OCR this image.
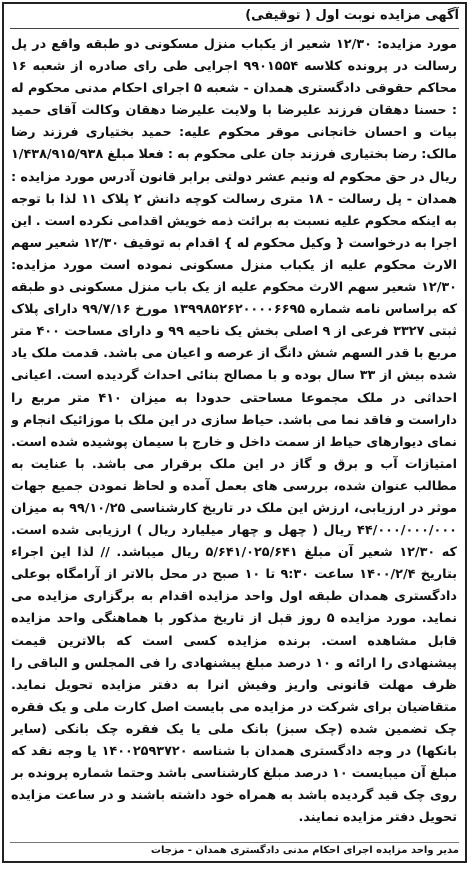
آگهی مزایده نوبت اول ( توقیفی)
مورد مزایده: ۱۲/۳۰ شعیر از یکباب منزل مسکونی دو طبقه واقع در پل رسالت در پرونده کلاسه ۹۹۰۱۵۵۴ اجرایی طی رای صادره از شعبه ۱۶ محاکم حقوقی دادگستری همدان - شعبه ۵ اجرای احکام مدنی محکوم له : حسنا دهقان فرزند علیرضا با ولایت علیرضا دهقان وکالت آقای حمید بیات و احسان خانجانی موقر محکوم علیه: حمید بختیاری فرزند رضا مالک: رضا بختیاری فرزند جان علی محکوم به : فعلا مبلغ ۱/۴۳۸/۹۱۵/۹۳۸ ریال در حق محکوم له ونیم عشر دولتی برابر قانون آدرس مورد مزایده : همدان - پل رسالت - ۱۸ متری رسالت کوچه دانش ۲ پلاک ۱۱ لذا با توجه به اینکه محکوم علیه نسبت به برائت ذمه خویش اقدامی نکرده است . این اجرا به درخواست { وکیل محکوم له } اقدام به توقیف ۱۲/۳۰ شعیر سهم الارث محکوم علیه از یکباب منزل مسکونی نموده است مورد مزایده: ۱۲/۳۰ شعیر سهم الارث محکوم علیه از یک باب منزل مسکونی دو طبقه که براساس نامه شماره ۱۳۹۹۸۵۲۶۲۰۰۰۰۶۶۹۵ مورخ ۹۹/۷/۱۶ دارای پلاک ثبتی ۳۳۲۷ فرعی از ۹ اصلی بخش یک ناحیه ۹۹ و دارای مساحت ۴۰۰ متر مربع با قدر السهم شش دانگ از عرصه و اعیان می باشد. قدمت ملک یاد شده بیش از ۳۳ سال بوده و با مصالح بنائی احداث گردیده است. اعیانی احداثی در ملک مجموعا مساحتی حدودا به میزان ۴۱۰ متر مربع را داراست و فاقد نما می باشد. حیاط سازی در این ملک با موزائیک انجام و نمای دیوارهای حیاط از سمت داخل و خارج با سیمان پوشیده شده است. امتیازات آب و برق و گاز در این ملک برقرار می باشد. با عنایت به مطالب عنوان شده، بررسی های بعمل آمده و لحاظ نمودن جمیع جهات موثر در ارزیابی، ارزش این ملک در تاریخ کارشناسی ۹۹/۱۰/۲۵ به میزان ۴۴/۰۰۰/۰۰۰/۰۰۰ ریال ( چهل و چهار میلیارد ریال ) ارزیابی شده است. که ۱۲/۳۰ شعیر آن مبلغ ۵/۶۴۱/۰۲۵/۶۴۱ ریال میباشد. // لذا این اجراء بتاریخ ۱۴۰۰/۲/۴ ساعت ۹:۳۰ تا ۱۰ صبح در محل بالاتر از آرامگاه بوعلی دادگستری همدان طبقه اول واحد مزایده اقدام به برگزاری مزایده می نماید. مورد مزایده ۵ روز قبل از تاریخ مذکور با هماهنگی واحد مزایده قابل مشاهده است. برنده مزایده کسی است که بالاترین قیمت پیشنهادی را ارائه و ۱۰ درصد مبلغ پیشنهادی را فی المجلس و الباقی را ظرف مهلت قانونی واریز وفیش انرا به دفتر مزایده تحویل نماید. متقاضیان برای شرکت در مزایده می بایست اصل کارت ملی و یک فقره چک تضمین شده (چک سبز) بانک ملی یا یک فقره چک بانکی (سایر بانکها) در وجه دادگستری همدان با شناسه ۱۴۰۰۲۵۹۳۷۲۰ یا وجه نقد که مبلغ آن میبایست ۱۰ درصد مبلغ کارشناسی باشد وحتما شماره پرونده بر روی چک قید گردیده باشد به همراه خود داشته باشند و در ساعت مزایده تحویل دفتر مزایده نمایند.
مدیر واحد مزایده اجرای احکام مدنی دادگستری همدان - مزجات
